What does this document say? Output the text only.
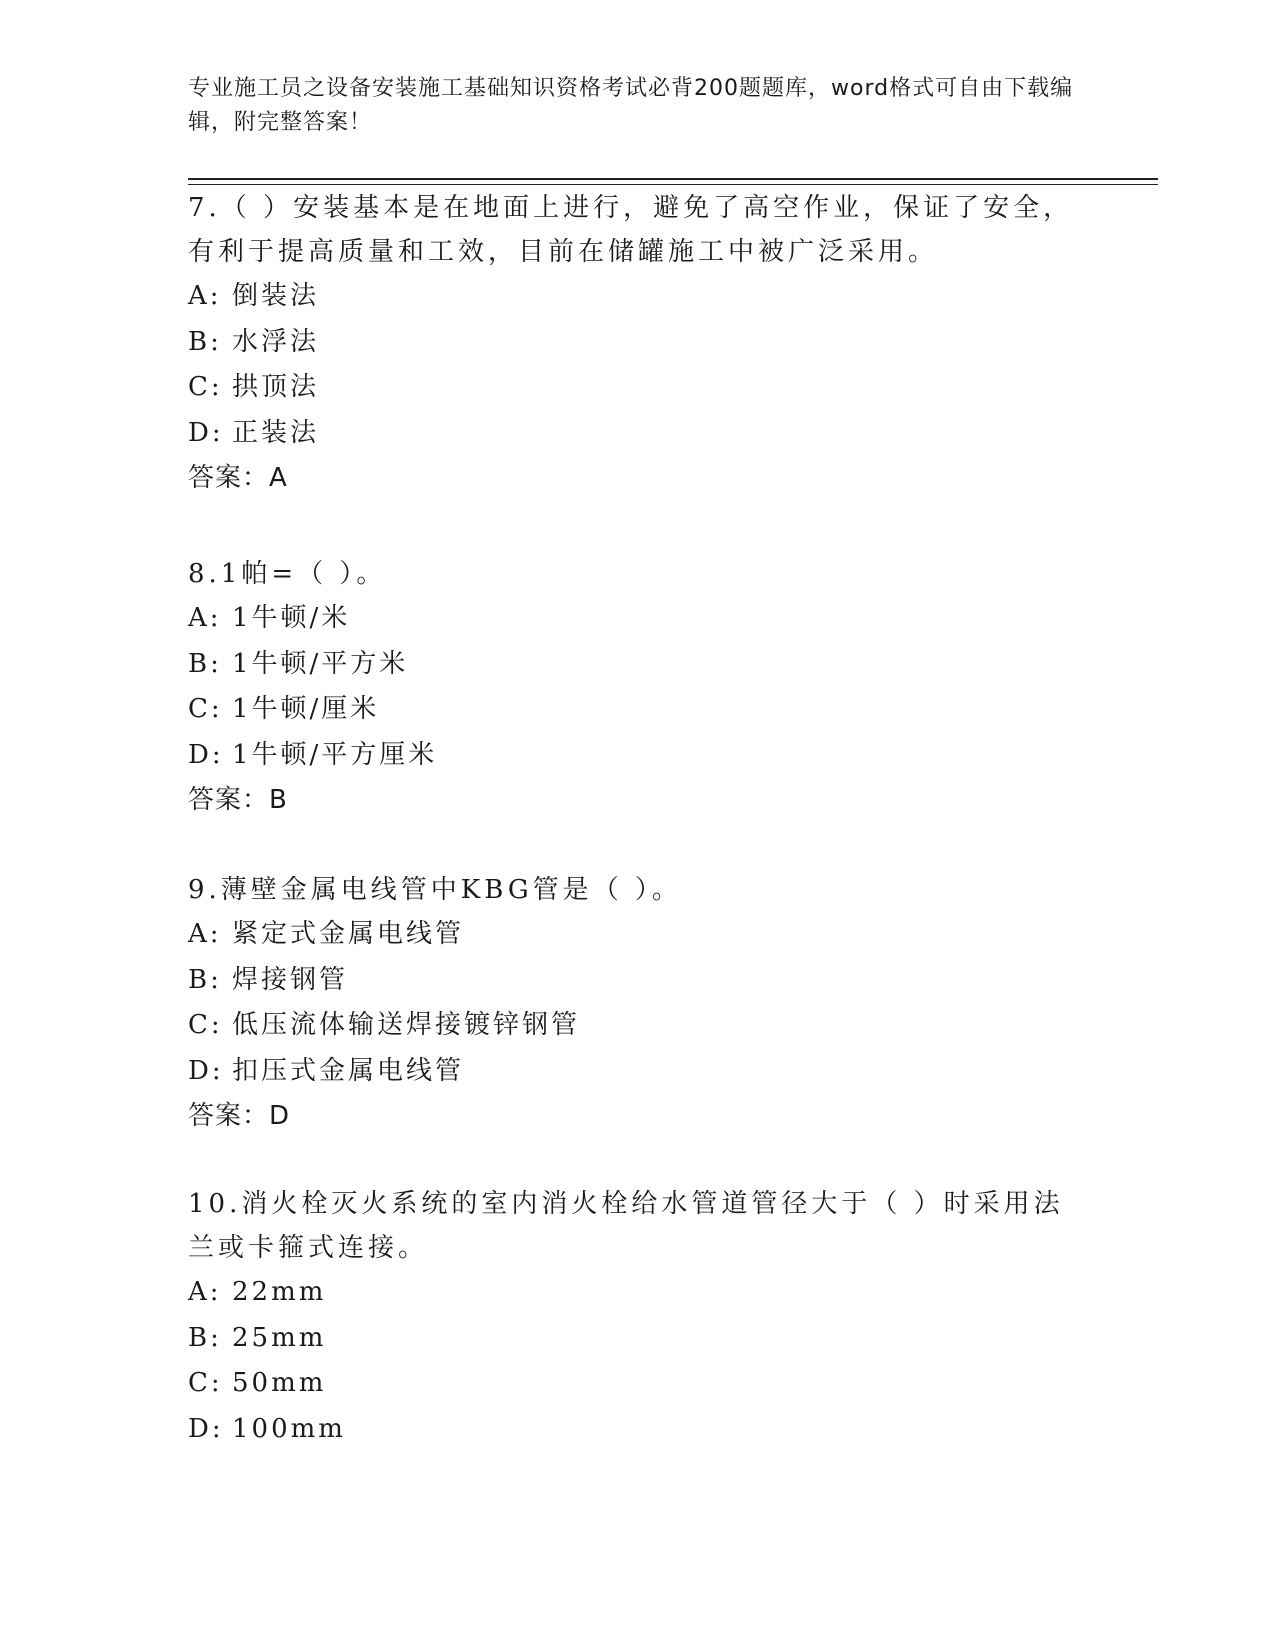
专业施工员之设备安装施工基础知识资格考试必背200题题库，word格式可自由下载编辑，附完整答案！

7.（ ）安装基本是在地面上进行，避免了高空作业，保证了安全，有利于提高质量和工效，目前在储罐施工中被广泛采用。

A: 倒装法

B: 水浮法

C: 拱顶法

D: 正装法

答案：A

8.1帕=（ ）。

A: 1牛顿/米

B: 1牛顿/平方米

C: 1牛顿/厘米

D: 1牛顿/平方厘米

答案：B

9.薄壁金属电线管中KBG管是（ ）。

A: 紧定式金属电线管

B: 焊接钢管

C: 低压流体输送焊接镀锌钢管

D: 扣压式金属电线管

答案：D

10.消火栓灭火系统的室内消火栓给水管道管径大于（ ）时采用法兰或卡箍式连接。

A: 22mm

B: 25mm

C: 50mm

D: 100mm
